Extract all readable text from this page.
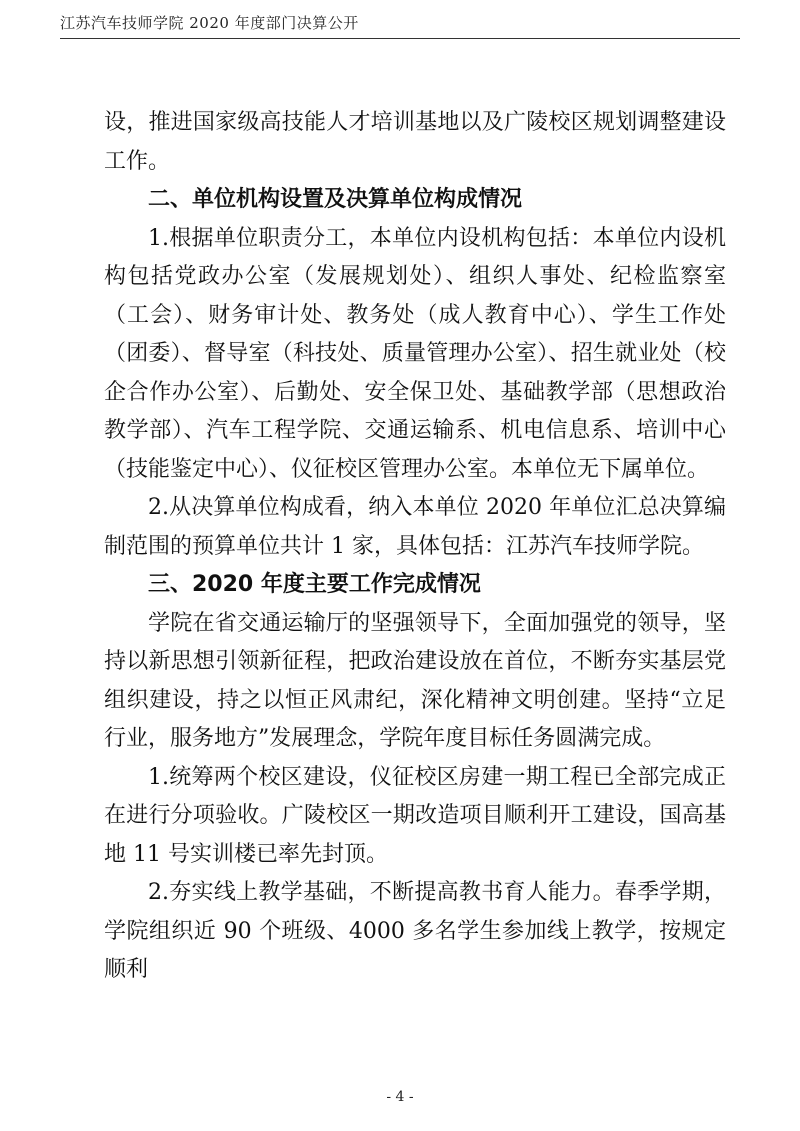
江苏汽车技师学院 2020 年度部门决算公开

设，推进国家级高技能人才培训基地以及广陵校区规划调整建设工作。

二、单位机构设置及决算单位构成情况

1.根据单位职责分工，本单位内设机构包括：本单位内设机构包括党政办公室（发展规划处）、组织人事处、纪检监察室（工会）、财务审计处、教务处（成人教育中心）、学生工作处（团委）、督导室（科技处、质量管理办公室）、招生就业处（校企合作办公室）、后勤处、安全保卫处、基础教学部（思想政治教学部）、汽车工程学院、交通运输系、机电信息系、培训中心（技能鉴定中心）、仪征校区管理办公室。本单位无下属单位。

2.从决算单位构成看，纳入本单位 2020 年单位汇总决算编制范围的预算单位共计 1 家，具体包括：江苏汽车技师学院。

三、2020 年度主要工作完成情况

学院在省交通运输厅的坚强领导下，全面加强党的领导，坚持以新思想引领新征程，把政治建设放在首位，不断夯实基层党组织建设，持之以恒正风肃纪，深化精神文明创建。坚持“立足行业，服务地方”发展理念，学院年度目标任务圆满完成。

1.统筹两个校区建设，仪征校区房建一期工程已全部完成正在进行分项验收。广陵校区一期改造项目顺利开工建设，国高基地 11 号实训楼已率先封顶。

2.夯实线上教学基础，不断提高教书育人能力。春季学期，学院组织近 90 个班级、4000 多名学生参加线上教学，按规定顺利

- 4 -
